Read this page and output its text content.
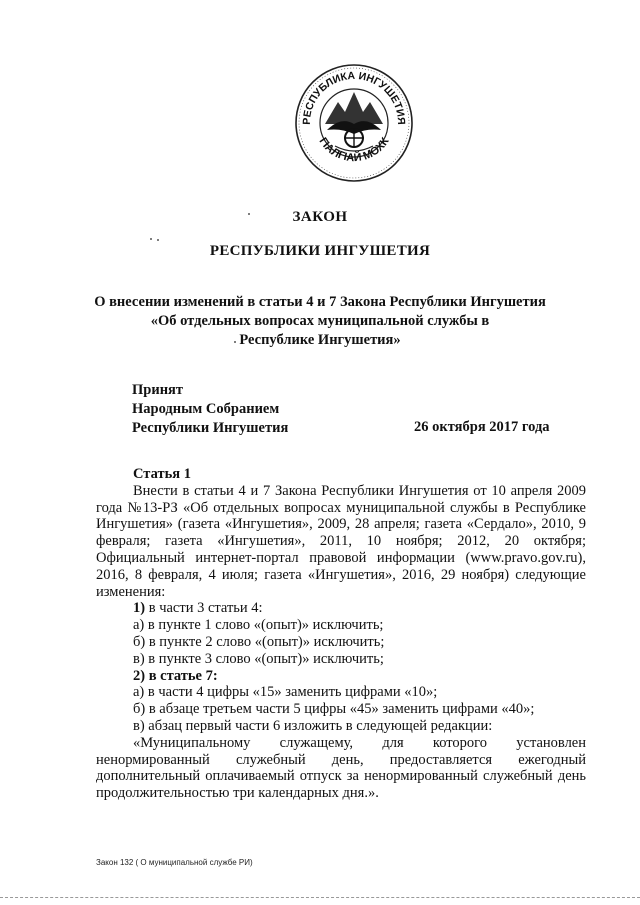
РЕСПУБЛИКА ИНГУШЕТИЯ
ГIАЛГIАЙ МОХК
ЗАКОН
РЕСПУБЛИКИ ИНГУШЕТИЯ
О внесении изменений в статьи 4 и 7 Закона Республики Ингушетия
«Об отдельных вопросах муниципальной службы в
Республике Ингушетия»
Принят
Народным Собранием
Республики Ингушетия	26 октября 2017 года

Статья 1

Внести в статьи 4 и 7 Закона Республики Ингушетия от 10 апреля 2009 года №13-РЗ «Об отдельных вопросах муниципальной службы в Республике Ингушетия» (газета «Ингушетия», 2009, 28 апреля; газета «Сердало», 2010, 9 февраля; газета «Ингушетия», 2011, 10 ноября; 2012, 20 октября; Официальный интернет-портал правовой информации (www.pravo.gov.ru), 2016, 8 февраля, 4 июля; газета «Ингушетия», 2016, 29 ноября) следующие изменения:

1) в части 3 статьи 4:

а) в пункте 1 слово «(опыт)» исключить;

б) в пункте 2 слово «(опыт)» исключить;

в) в пункте 3 слово «(опыт)» исключить;

2) в статье 7:

а) в части 4 цифры «15» заменить цифрами «10»;

б) в абзаце третьем части 5 цифры «45» заменить цифрами «40»;

в) абзац первый части 6 изложить в следующей редакции:

«Муниципальному служащему, для которого установлен ненормированный служебный день, предоставляется ежегодный дополнительный оплачиваемый отпуск за ненормированный служебный день продолжительностью три календарных дня.».

Закон 132 ( О муниципальной службе РИ)
